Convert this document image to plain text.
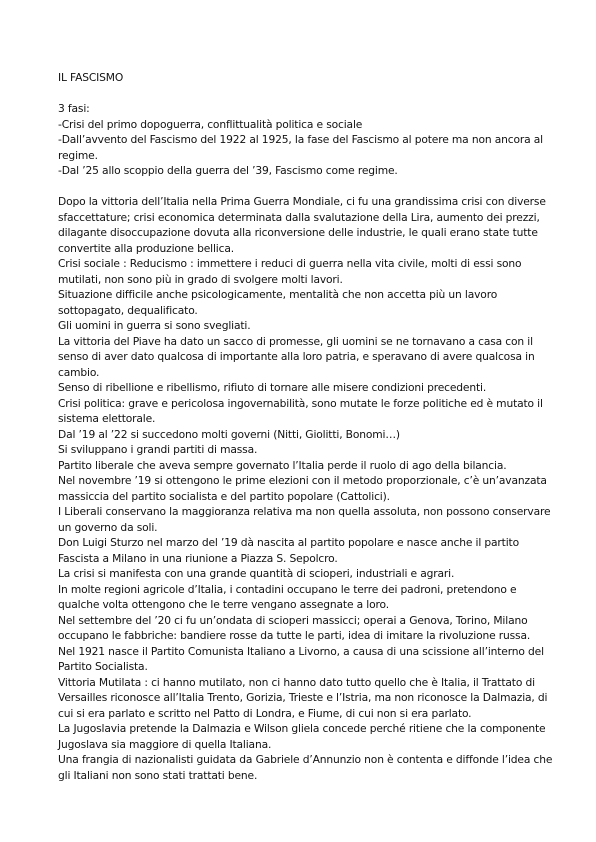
IL FASCISMO

3 fasi:

-Crisi del primo dopoguerra, conflittualità politica e sociale

-Dall’avvento del Fascismo del 1922 al 1925, la fase del Fascismo al potere ma non ancora al regime.

-Dal ’25 allo scoppio della guerra del ’39, Fascismo come regime.

Dopo la vittoria dell’Italia nella Prima Guerra Mondiale, ci fu una grandissima crisi con diverse sfaccettature; crisi economica determinata dalla svalutazione della Lira, aumento dei prezzi, dilagante disoccupazione dovuta alla riconversione delle industrie, le quali erano state tutte convertite alla produzione bellica.

Crisi sociale : Reducismo : immettere i reduci di guerra nella vita civile, molti di essi sono mutilati, non sono più in grado di svolgere molti lavori.

Situazione difficile anche psicologicamente, mentalità che non accetta più un lavoro sottopagato, dequalificato.

Gli uomini in guerra si sono svegliati.

La vittoria del Piave ha dato un sacco di promesse, gli uomini se ne tornavano a casa con il senso di aver dato qualcosa di importante alla loro patria, e speravano di avere qualcosa in cambio.

Senso di ribellione e ribellismo, rifiuto di tornare alle misere condizioni precedenti.

Crisi politica: grave e pericolosa ingovernabilità, sono mutate le forze politiche ed è mutato il sistema elettorale.

Dal ’19 al ’22 si succedono molti governi (Nitti, Giolitti, Bonomi…)

Si sviluppano i grandi partiti di massa.

Partito liberale che aveva sempre governato l’Italia perde il ruolo di ago della bilancia.

Nel novembre ’19 si ottengono le prime elezioni con il metodo proporzionale, c’è un’avanzata massiccia del partito socialista e del partito popolare (Cattolici).

I Liberali conservano la maggioranza relativa ma non quella assoluta, non possono conservare un governo da soli.

Don Luigi Sturzo nel marzo del ’19 dà nascita al partito popolare e nasce anche il partito Fascista a Milano in una riunione a Piazza S. Sepolcro.

La crisi si manifesta con una grande quantità di scioperi, industriali e agrari.

In molte regioni agricole d’Italia, i contadini occupano le terre dei padroni, pretendono e qualche volta ottengono che le terre vengano assegnate a loro.

Nel settembre del ’20 ci fu un’ondata di scioperi massicci; operai a Genova, Torino, Milano occupano le fabbriche: bandiere rosse da tutte le parti, idea di imitare la rivoluzione russa.

Nel 1921 nasce il Partito Comunista Italiano a Livorno, a causa di una scissione all’interno del Partito Socialista.

Vittoria Mutilata : ci hanno mutilato, non ci hanno dato tutto quello che è Italia, il Trattato di Versailles riconosce all’Italia Trento, Gorizia, Trieste e l’Istria, ma non riconosce la Dalmazia, di cui si era parlato e scritto nel Patto di Londra, e Fiume, di cui non si era parlato.

La Jugoslavia pretende la Dalmazia e Wilson gliela concede perché ritiene che la componente Jugoslava sia maggiore di quella Italiana.

Una frangia di nazionalisti guidata da Gabriele d’Annunzio non è contenta e diffonde l’idea che gli Italiani non sono stati trattati bene.
